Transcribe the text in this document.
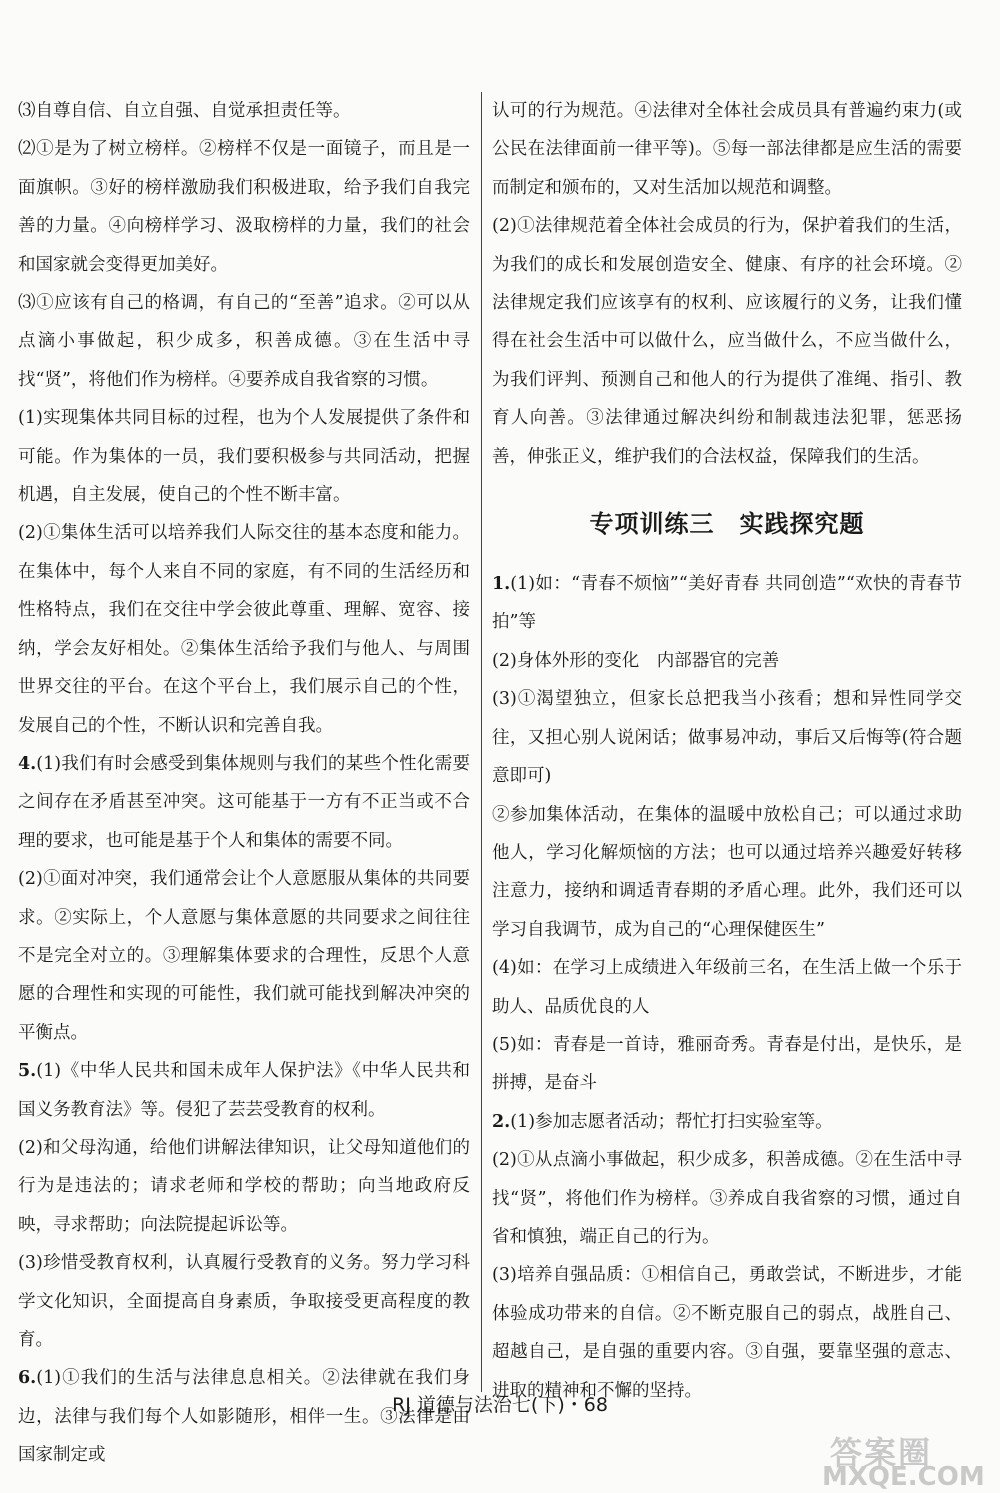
⑶自尊自信、自立自强、自觉承担责任等。

⑵①是为了树立榜样。②榜样不仅是一面镜子，而且是一面旗帜。③好的榜样激励我们积极进取，给予我们自我完善的力量。④向榜样学习、汲取榜样的力量，我们的社会和国家就会变得更加美好。

⑶①应该有自己的格调，有自己的“至善”追求。②可以从点滴小事做起，积少成多，积善成德。③在生活中寻找“贤”，将他们作为榜样。④要养成自我省察的习惯。

(1)实现集体共同目标的过程，也为个人发展提供了条件和可能。作为集体的一员，我们要积极参与共同活动，把握机遇，自主发展，使自己的个性不断丰富。

(2)①集体生活可以培养我们人际交往的基本态度和能力。在集体中，每个人来自不同的家庭，有不同的生活经历和性格特点，我们在交往中学会彼此尊重、理解、宽容、接纳，学会友好相处。②集体生活给予我们与他人、与周围世界交往的平台。在这个平台上，我们展示自己的个性，发展自己的个性，不断认识和完善自我。

4.(1)我们有时会感受到集体规则与我们的某些个性化需要之间存在矛盾甚至冲突。这可能基于一方有不正当或不合理的要求，也可能是基于个人和集体的需要不同。

(2)①面对冲突，我们通常会让个人意愿服从集体的共同要求。②实际上，个人意愿与集体意愿的共同要求之间往往不是完全对立的。③理解集体要求的合理性，反思个人意愿的合理性和实现的可能性，我们就可能找到解决冲突的平衡点。

5.(1)《中华人民共和国未成年人保护法》《中华人民共和国义务教育法》等。侵犯了芸芸受教育的权利。

(2)和父母沟通，给他们讲解法律知识，让父母知道他们的行为是违法的；请求老师和学校的帮助；向当地政府反映，寻求帮助；向法院提起诉讼等。

(3)珍惜受教育权利，认真履行受教育的义务。努力学习科学文化知识，全面提高自身素质，争取接受更高程度的教育。

6.(1)①我们的生活与法律息息相关。②法律就在我们身边，法律与我们每个人如影随形，相伴一生。③法律是由国家制定或

认可的行为规范。④法律对全体社会成员具有普遍约束力(或公民在法律面前一律平等)。⑤每一部法律都是应生活的需要而制定和颁布的，又对生活加以规范和调整。

(2)①法律规范着全体社会成员的行为，保护着我们的生活，为我们的成长和发展创造安全、健康、有序的社会环境。②法律规定我们应该享有的权利、应该履行的义务，让我们懂得在社会生活中可以做什么，应当做什么，不应当做什么，为我们评判、预测自己和他人的行为提供了准绳、指引、教育人向善。③法律通过解决纠纷和制裁违法犯罪，惩恶扬善，伸张正义，维护我们的合法权益，保障我们的生活。

专项训练三　实践探究题

1.(1)如：“青春不烦恼”“美好青春 共同创造”“欢快的青春节拍”等

(2)身体外形的变化　内部器官的完善

(3)①渴望独立，但家长总把我当小孩看；想和异性同学交往，又担心别人说闲话；做事易冲动，事后又后悔等(符合题意即可)

②参加集体活动，在集体的温暖中放松自己；可以通过求助他人，学习化解烦恼的方法；也可以通过培养兴趣爱好转移注意力，接纳和调适青春期的矛盾心理。此外，我们还可以学习自我调节，成为自己的“心理保健医生”

(4)如：在学习上成绩进入年级前三名，在生活上做一个乐于助人、品质优良的人

(5)如：青春是一首诗，雅丽奇秀。青春是付出，是快乐，是拼搏，是奋斗

2.(1)参加志愿者活动；帮忙打扫实验室等。

(2)①从点滴小事做起，积少成多，积善成德。②在生活中寻找“贤”，将他们作为榜样。③养成自我省察的习惯，通过自省和慎独，端正自己的行为。

(3)培养自强品质：①相信自己，勇敢尝试，不断进步，才能体验成功带来的自信。②不断克服自己的弱点，战胜自己、超越自己，是自强的重要内容。③自强，要靠坚强的意志、进取的精神和不懈的坚持。

RJ 道德与法治七(下)・68
答案圈
MXQE.COM
